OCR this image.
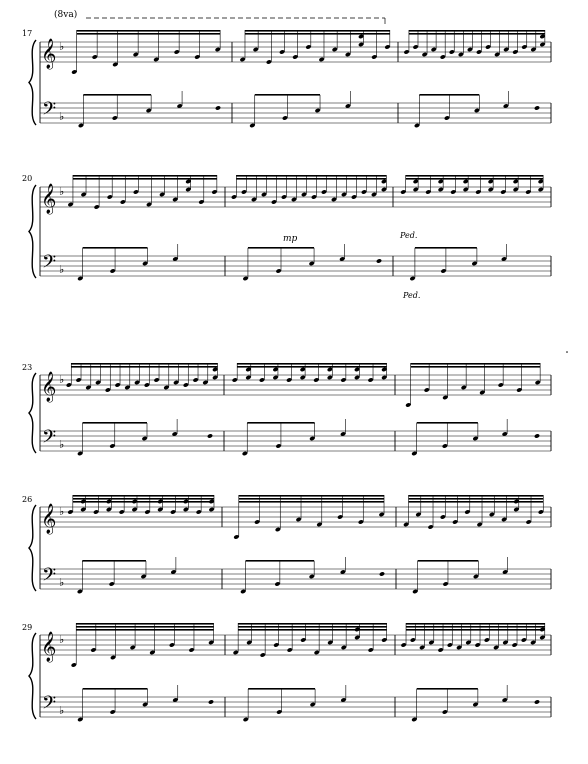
𝄞
𝄢
♭
♭
𝄞
𝄢
♭
♭
𝄞
𝄢
♭
♭
𝄞
𝄢
♭
♭
𝄞
𝄢
♭
♭
17
20
23
26
29
(8va)
mp	Ped.
Ped.
